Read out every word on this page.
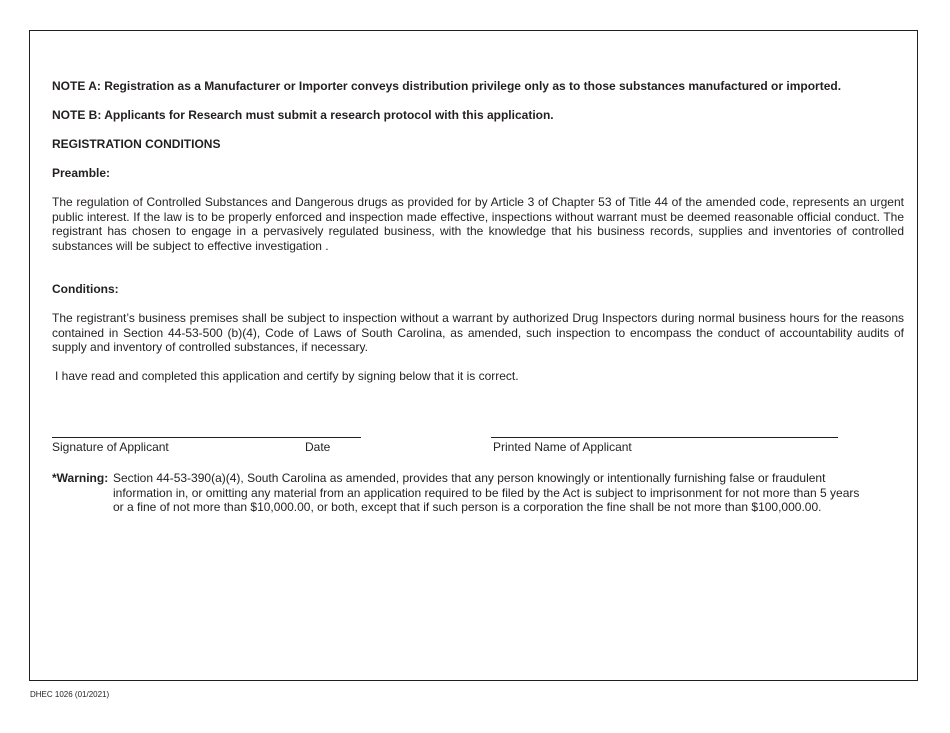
NOTE A: Registration as a Manufacturer or Importer conveys distribution privilege only as to those substances manufactured or imported.

NOTE B: Applicants for Research must submit a research protocol with this application.

REGISTRATION CONDITIONS

Preamble:

The regulation of Controlled Substances and Dangerous drugs as provided for by Article 3 of Chapter 53 of Title 44 of the amended code, represents an urgent public interest. If the law is to be properly enforced and inspection made effective, inspections without warrant must be deemed reasonable official conduct. The registrant has chosen to engage in a pervasively regulated business, with the knowledge that his business records, supplies and inventories of controlled substances will be subject to effective investigation .

Conditions:

The registrant’s business premises shall be subject to inspection without a warrant by authorized Drug Inspectors during normal business hours for the reasons contained in Section 44-53-500 (b)(4), Code of Laws of South Carolina, as amended, such inspection to encompass the conduct of accountability audits of supply and inventory of controlled substances, if necessary.

I have read and completed this application and certify by signing below that it is correct.

Signature of Applicant	Date	Printed Name of Applicant
*Warning: Section 44-53-390(a)(4), South Carolina as amended, provides that any person knowingly or intentionally furnishing false or fraudulent information in, or omitting any material from an application required to be filed by the Act is subject to imprisonment for not more than 5 years or a fine of not more than $10,000.00, or both, except that if such person is a corporation the fine shall be not more than $100,000.00.
DHEC 1026 (01/2021)
